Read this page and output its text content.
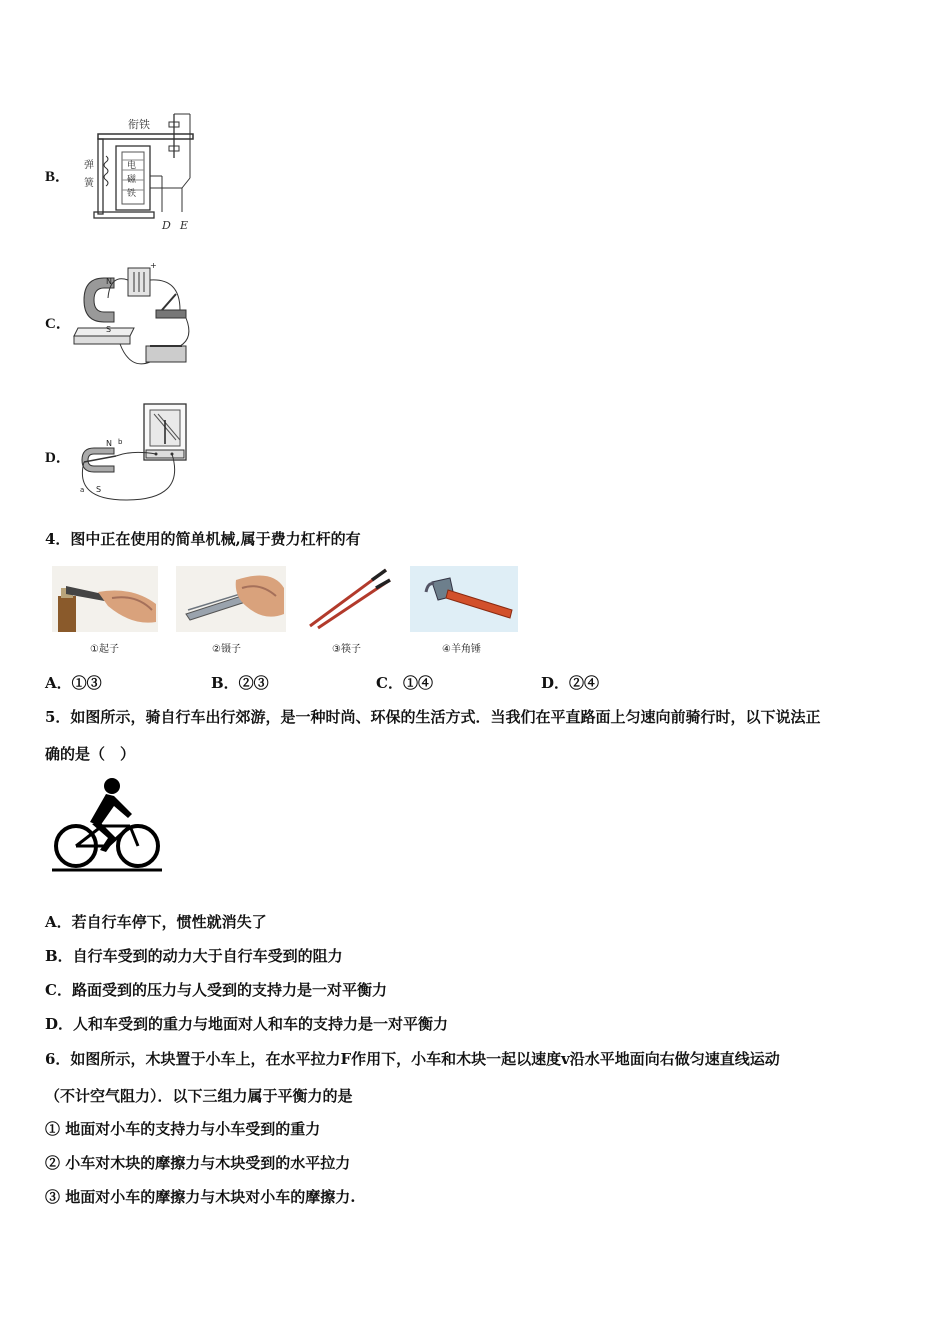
B．
衔铁
弹
簧
电
磁
铁
D E
C．
N
S
+
D．
N
S
a
b
4．图中正在使用的简单机械,属于费力杠杆的有
①起子	②镊子	③筷子	④羊角锤
A．①③	B．②③	C．①④	D．②④
5．如图所示，骑自行车出行郊游，是一种时尚、环保的生活方式．当我们在平直路面上匀速向前骑行时，以下说法正
确的是（　）
A．若自行车停下，惯性就消失了
B．自行车受到的动力大于自行车受到的阻力
C．路面受到的压力与人受到的支持力是一对平衡力
D．人和车受到的重力与地面对人和车的支持力是一对平衡力
6．如图所示，木块置于小车上，在水平拉力F作用下，小车和木块一起以速度v沿水平地面向右做匀速直线运动
（不计空气阻力）．以下三组力属于平衡力的是
① 地面对小车的支持力与小车受到的重力
② 小车对木块的摩擦力与木块受到的水平拉力
③ 地面对小车的摩擦力与木块对小车的摩擦力.
